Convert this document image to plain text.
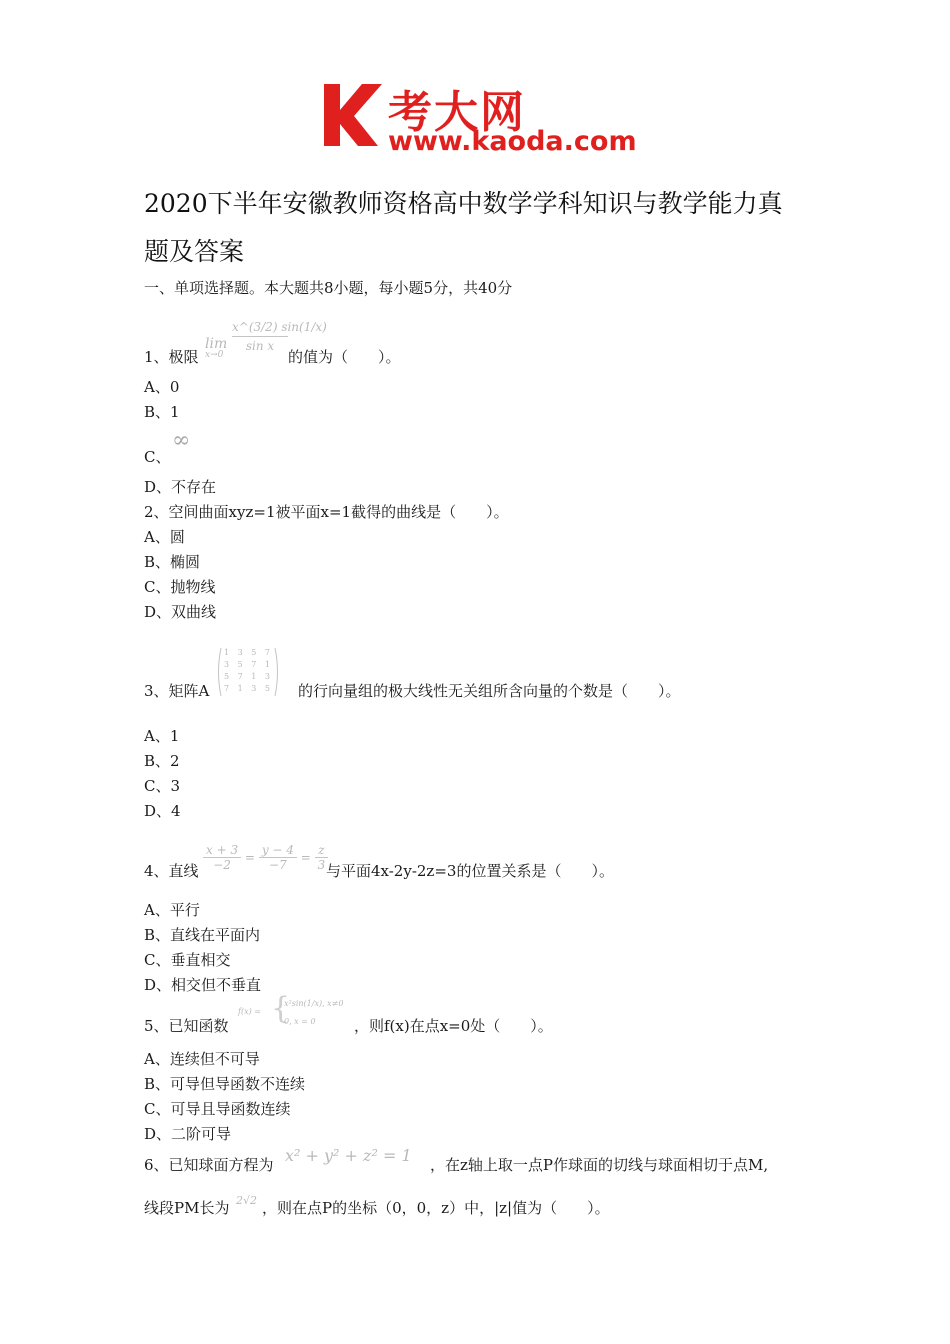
考大网
www.kaoda.com
2020下半年安徽教师资格高中数学学科知识与教学能力真
题及答案
一、单项选择题。本大题共8小题，每小题5分，共40分
1、极限
lim
x→0
$\frac{x\^{}(3/2) \sin(1/x)}{\text{sin x}}$
的值为（　　）。
A、0
B、1
C、
∞
D、不存在
2、空间曲面xyz=1被平面x=1截得的曲线是（　　）。
A、圆
B、椭圆
C、抛物线
D、双曲线
3、矩阵A
1 3 5 7
3 5 7 1
5 7 1 3
7 1 3 5 的行向量组的极大线性无关组所含向量的个数是（　　）。
A、1
B、2
C、3
D、4
4、直线 $\frac{x + 3}{-2} = \frac{y - 4}{-7} = \frac{z}{3}$
与平面4x-2y-2z=3的位置关系是（　　）。
A、平行
B、直线在平面内
C、垂直相交
D、相交但不垂直
5、已知函数
f(x) = {
x²sin(1/x), x≠0
0, x = 0	，则f(x)在点x=0处（　　）。
A、连续但不可导
B、可导但导函数不连续
C、可导且导函数连续
D、二阶可导
6、已知球面方程为 x² + y² + z² = 1 ，在z轴上取一点P作球面的切线与球面相切于点M,
线段PM长为 2√2 ，则在点P的坐标（0，0，z）中，|z|值为（　　）。
